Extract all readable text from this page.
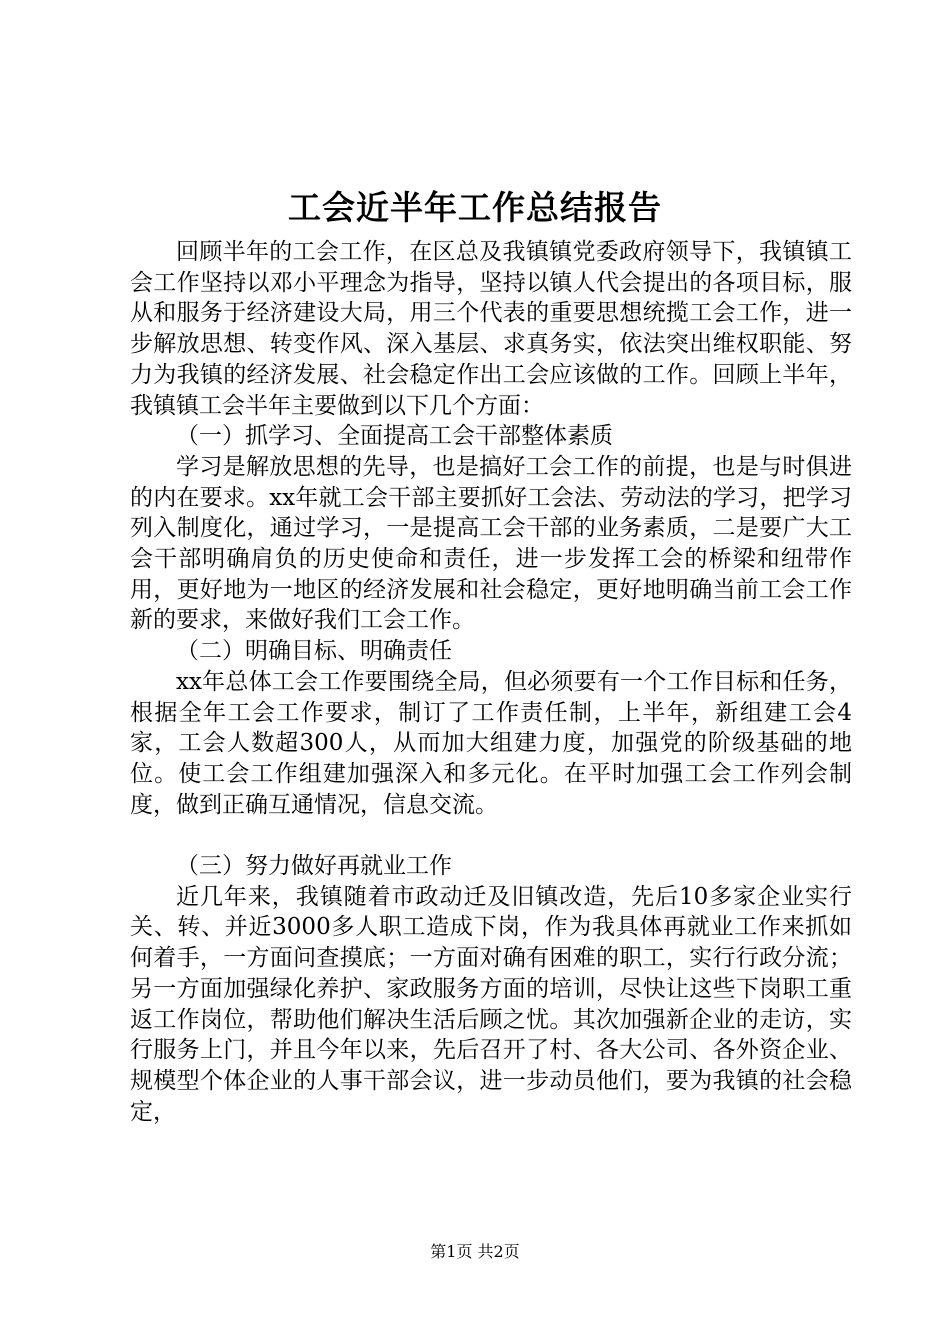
工会近半年工作总结报告

回顾半年的工会工作，在区总及我镇镇党委政府领导下，我镇镇工会工作坚持以邓小平理念为指导，坚持以镇人代会提出的各项目标，服从和服务于经济建设大局，用三个代表的重要思想统揽工会工作，进一步解放思想、转变作风、深入基层、求真务实，依法突出维权职能、努力为我镇的经济发展、社会稳定作出工会应该做的工作。回顾上半年，我镇镇工会半年主要做到以下几个方面：

（一）抓学习、全面提高工会干部整体素质

学习是解放思想的先导，也是搞好工会工作的前提，也是与时俱进的内在要求。xx年就工会干部主要抓好工会法、劳动法的学习，把学习列入制度化，通过学习，一是提高工会干部的业务素质，二是要广大工会干部明确肩负的历史使命和责任，进一步发挥工会的桥梁和纽带作用，更好地为一地区的经济发展和社会稳定，更好地明确当前工会工作新的要求，来做好我们工会工作。

（二）明确目标、明确责任

xx年总体工会工作要围绕全局，但必须要有一个工作目标和任务，根据全年工会工作要求，制订了工作责任制，上半年，新组建工会4家，工会人数超300人，从而加大组建力度，加强党的阶级基础的地位。使工会工作组建加强深入和多元化。在平时加强工会工作列会制度，做到正确互通情况，信息交流。

（三）努力做好再就业工作

近几年来，我镇随着市政动迁及旧镇改造，先后10多家企业实行关、转、并近3000多人职工造成下岗，作为我具体再就业工作来抓如何着手，一方面问查摸底；一方面对确有困难的职工，实行行政分流；另一方面加强绿化养护、家政服务方面的培训，尽快让这些下岗职工重返工作岗位，帮助他们解决生活后顾之忧。其次加强新企业的走访，实行服务上门，并且今年以来，先后召开了村、各大公司、各外资企业、规模型个体企业的人事干部会议，进一步动员他们，要为我镇的社会稳定，

第1页 共2页
